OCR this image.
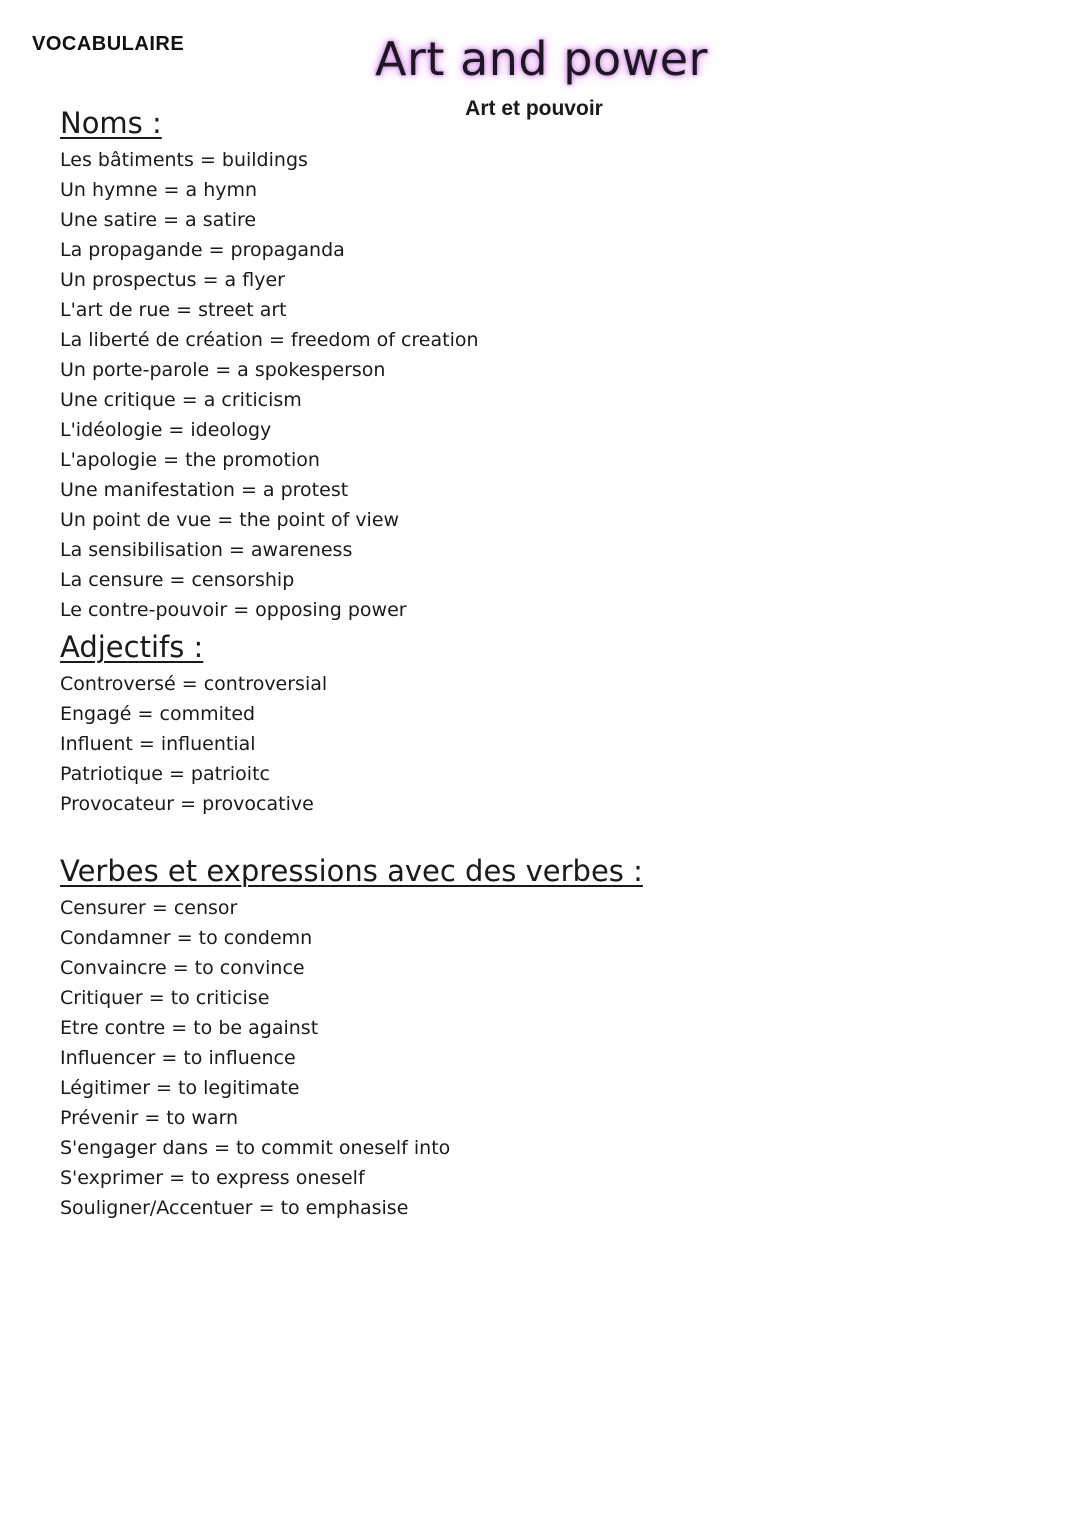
VOCABULAIRE	Art and power
Art et pouvoir
Noms :
Les bâtiments = buildings
Un hymne = a hymn
Une satire = a satire
La propagande = propaganda
Un prospectus = a flyer
L'art de rue = street art
La liberté de création = freedom of creation
Un porte-parole = a spokesperson
Une critique = a criticism
L'idéologie = ideology
L'apologie = the promotion
Une manifestation = a protest
Un point de vue = the point of view
La sensibilisation = awareness
La censure = censorship
Le contre-pouvoir = opposing power
Adjectifs :
Controversé = controversial
Engagé = commited
Influent = influential
Patriotique = patrioitc
Provocateur = provocative
Verbes et expressions avec des verbes :
Censurer = censor
Condamner = to condemn
Convaincre = to convince
Critiquer = to criticise
Etre contre = to be against
Influencer = to influence
Légitimer = to legitimate
Prévenir = to warn
S'engager dans = to commit oneself into
S'exprimer = to express oneself
Souligner/Accentuer = to emphasise
